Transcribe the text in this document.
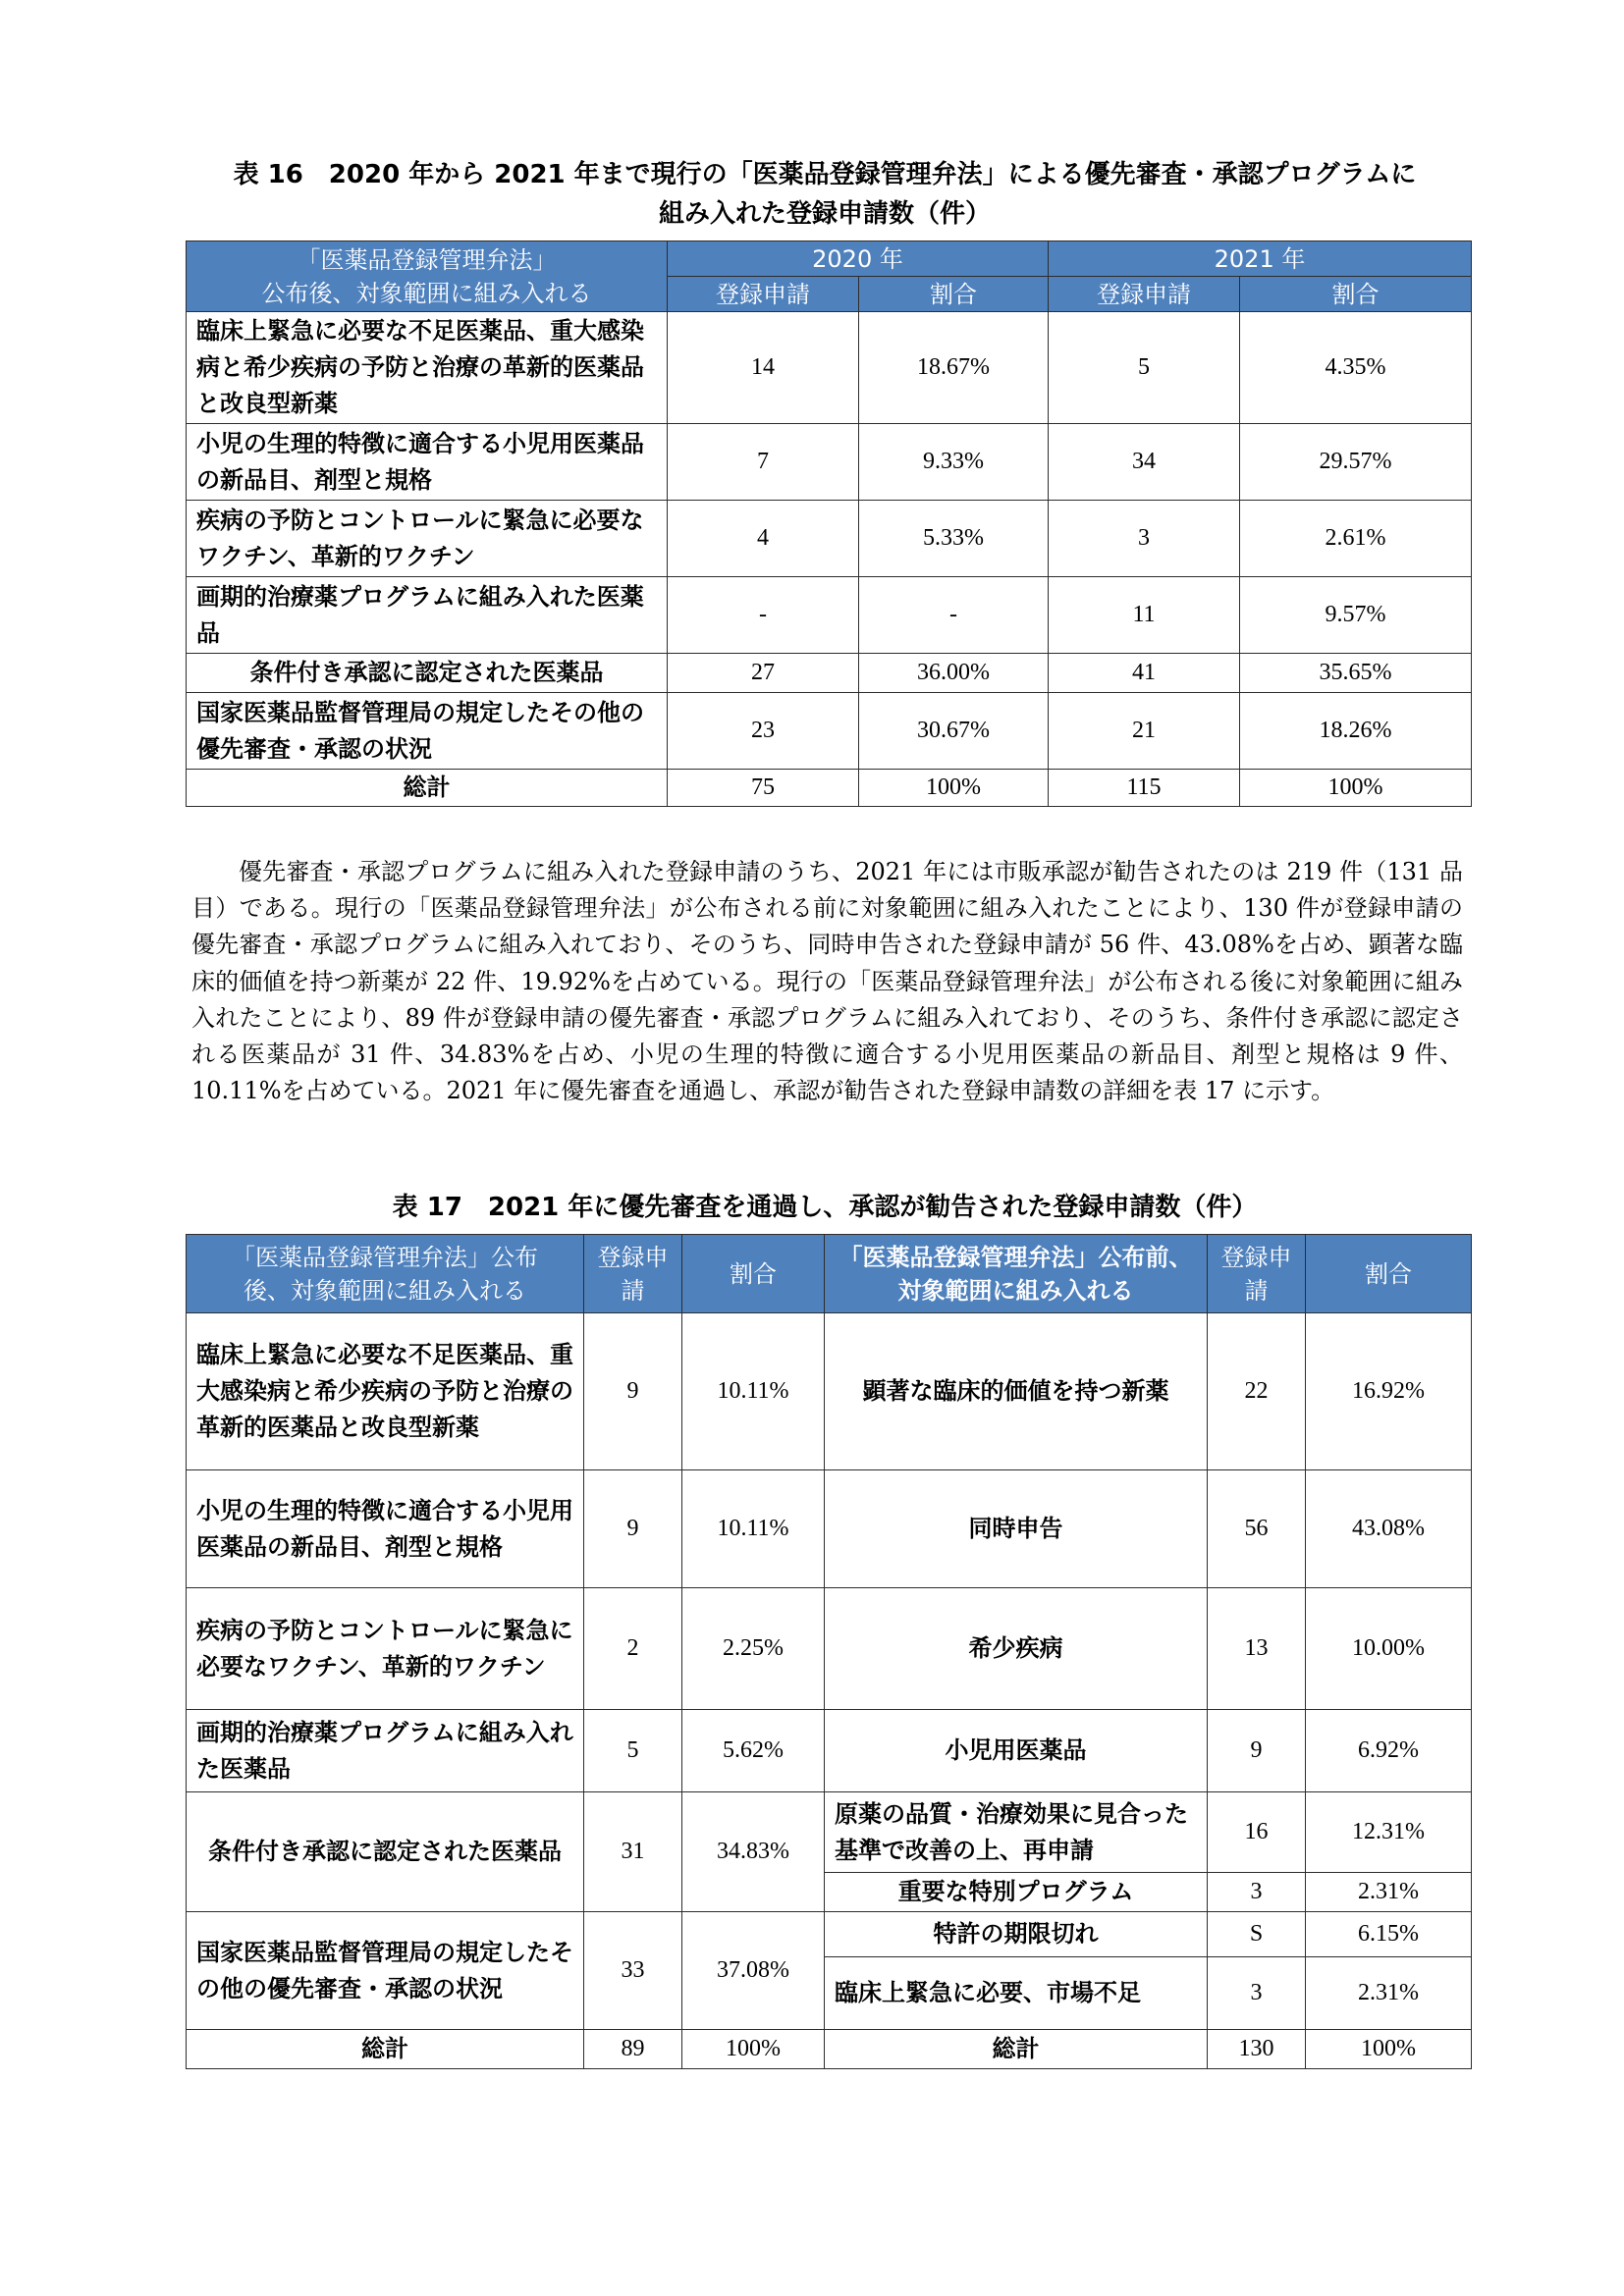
表 16　2020 年から 2021 年まで現行の「医薬品登録管理弁法」による優先審査・承認プログラムに
組み入れた登録申請数（件）
「医薬品登録管理弁法」
公布後、対象範囲に組み入れる	2020 年		2021 年	
	登録申請	割合	登録申請	割合
臨床上緊急に必要な不足医薬品、重大感染病と希少疾病の予防と治療の革新的医薬品と改良型新薬	14	18.67%	5	4.35%
小児の生理的特徴に適合する小児用医薬品の新品目、剤型と規格	7	9.33%	34	29.57%
疾病の予防とコントロールに緊急に必要なワクチン、革新的ワクチン	4	5.33%	3	2.61%
画期的治療薬プログラムに組み入れた医薬品	-	-	11	9.57%
条件付き承認に認定された医薬品	27	36.00%	41	35.65%
国家医薬品監督管理局の規定したその他の優先審査・承認の状況	23	30.67%	21	18.26%
総計	75	100%	115	100%
優先審査・承認プログラムに組み入れた登録申請のうち、2021 年には市販承認が勧告されたのは 219 件（131 品目）である。現行の「医薬品登録管理弁法」が公布される前に対象範囲に組み入れたことにより、130 件が登録申請の優先審査・承認プログラムに組み入れており、そのうち、同時申告された登録申請が 56 件、43.08%を占め、顕著な臨床的価値を持つ新薬が 22 件、19.92%を占めている。現行の「医薬品登録管理弁法」が公布される後に対象範囲に組み入れたことにより、89 件が登録申請の優先審査・承認プログラムに組み入れており、そのうち、条件付き承認に認定される医薬品が 31 件、34.83%を占め、小児の生理的特徴に適合する小児用医薬品の新品目、剤型と規格は 9 件、10.11%を占めている。2021 年に優先審査を通過し、承認が勧告された登録申請数の詳細を表 17 に示す。
表 17　2021 年に優先審査を通過し、承認が勧告された登録申請数（件）
「医薬品登録管理弁法」公布後、対象範囲に組み入れる	登録申請	割合	「医薬品登録管理弁法」公布前、対象範囲に組み入れる	登録申請	割合
臨床上緊急に必要な不足医薬品、重大感染病と希少疾病の予防と治療の革新的医薬品と改良型新薬	9	10.11%	顕著な臨床的価値を持つ新薬	22	16.92%
小児の生理的特徴に適合する小児用医薬品の新品目、剤型と規格	9	10.11%	同時申告	56	43.08%
疾病の予防とコントロールに緊急に必要なワクチン、革新的ワクチン	2	2.25%	希少疾病	13	10.00%
画期的治療薬プログラムに組み入れた医薬品	5	5.62%	小児用医薬品	9	6.92%
条件付き承認に認定された医薬品	31	34.83%	原薬の品質・治療効果に見合った基準で改善の上、再申請	16	12.31%
			重要な特別プログラム	3	2.31%
国家医薬品監督管理局の規定したその他の優先審査・承認の状況	33	37.08%	特許の期限切れ	S	6.15%
			臨床上緊急に必要、市場不足	3	2.31%
総計	89	100%	総計	130	100%
